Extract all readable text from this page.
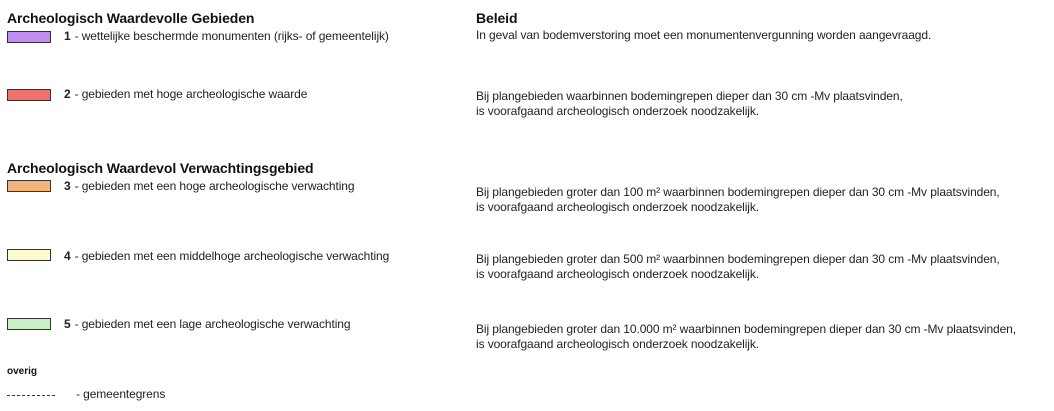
Archeologisch Waardevolle Gebieden
1 - wettelijke beschermde monumenten (rijks- of gemeentelijk)
2 - gebieden met hoge archeologische waarde
Archeologisch Waardevol Verwachtingsgebied
3 - gebieden met een hoge archeologische verwachting
4 - gebieden met een middelhoge archeologische verwachting
5 - gebieden met een lage archeologische verwachting
overig
- gemeentegrens
Beleid
In geval van bodemverstoring moet een monumentenvergunning worden aangevraagd.
Bij plangebieden waarbinnen bodemingrepen dieper dan 30 cm -Mv plaatsvinden,
is voorafgaand archeologisch onderzoek noodzakelijk.
Bij plangebieden groter dan 100 m² waarbinnen bodemingrepen dieper dan 30 cm -Mv plaatsvinden,
is voorafgaand archeologisch onderzoek noodzakelijk.
Bij plangebieden groter dan 500 m² waarbinnen bodemingrepen dieper dan 30 cm -Mv plaatsvinden,
is voorafgaand archeologisch onderzoek noodzakelijk.
Bij plangebieden groter dan 10.000 m² waarbinnen bodemingrepen dieper dan 30 cm -Mv plaatsvinden,
is voorafgaand archeologisch onderzoek noodzakelijk.
